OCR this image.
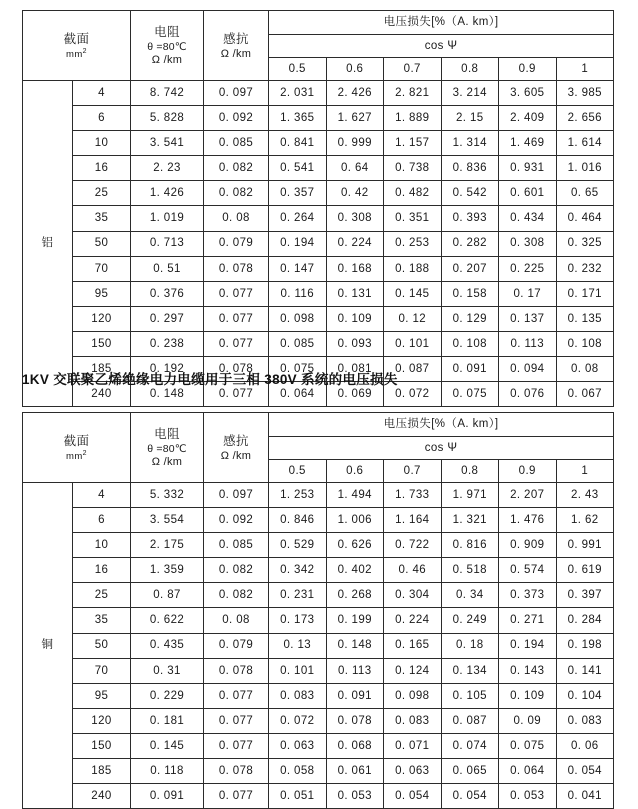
截面
$mm^2$

电阻
θ =80℃
Ω /km

感抗
Ω /km
	电压损失[%（A. km）]
				cos Ψ					
				0.5	0.6	0.7	0.8	0.9	1
铝	4	8. 742	0. 097	2. 031	2. 426	2. 821	3. 214	3. 605	3. 985
	6	5. 828	0. 092	1. 365	1. 627	1. 889	2. 15	2. 409	2. 656
	10	3. 541	0. 085	0. 841	0. 999	1. 157	1. 314	1. 469	1. 614
	16	2. 23	0. 082	0. 541	0. 64	0. 738	0. 836	0. 931	1. 016
	25	1. 426	0. 082	0. 357	0. 42	0. 482	0. 542	0. 601	0. 65
	35	1. 019	0. 08	0. 264	0. 308	0. 351	0. 393	0. 434	0. 464
	50	0. 713	0. 079	0. 194	0. 224	0. 253	0. 282	0. 308	0. 325
	70	0. 51	0. 078	0. 147	0. 168	0. 188	0. 207	0. 225	0. 232
	95	0. 376	0. 077	0. 116	0. 131	0. 145	0. 158	0. 17	0. 171
	120	0. 297	0. 077	0. 098	0. 109	0. 12	0. 129	0. 137	0. 135
	150	0. 238	0. 077	0. 085	0. 093	0. 101	0. 108	0. 113	0. 108
	185	0. 192	0. 078	0. 075	0. 081	0. 087	0. 091	0. 094	0. 08
	240	0. 148	0. 077	0. 064	0. 069	0. 072	0. 075	0. 076	0. 067
1KV 交联聚乙烯绝缘电力电缆用于三相 380V 系统的电压损失
截面
$mm^2$

电阻
θ =80℃
Ω /km

感抗
Ω /km
	电压损失[%（A. km）]
				cos Ψ					
				0.5	0.6	0.7	0.8	0.9	1
铜	4	5. 332	0. 097	1. 253	1. 494	1. 733	1. 971	2. 207	2. 43
	6	3. 554	0. 092	0. 846	1. 006	1. 164	1. 321	1. 476	1. 62
	10	2. 175	0. 085	0. 529	0. 626	0. 722	0. 816	0. 909	0. 991
	16	1. 359	0. 082	0. 342	0. 402	0. 46	0. 518	0. 574	0. 619
	25	0. 87	0. 082	0. 231	0. 268	0. 304	0. 34	0. 373	0. 397
	35	0. 622	0. 08	0. 173	0. 199	0. 224	0. 249	0. 271	0. 284
	50	0. 435	0. 079	0. 13	0. 148	0. 165	0. 18	0. 194	0. 198
	70	0. 31	0. 078	0. 101	0. 113	0. 124	0. 134	0. 143	0. 141
	95	0. 229	0. 077	0. 083	0. 091	0. 098	0. 105	0. 109	0. 104
	120	0. 181	0. 077	0. 072	0. 078	0. 083	0. 087	0. 09	0. 083
	150	0. 145	0. 077	0. 063	0. 068	0. 071	0. 074	0. 075	0. 06
	185	0. 118	0. 078	0. 058	0. 061	0. 063	0. 065	0. 064	0. 054
	240	0. 091	0. 077	0. 051	0. 053	0. 054	0. 054	0. 053	0. 041
